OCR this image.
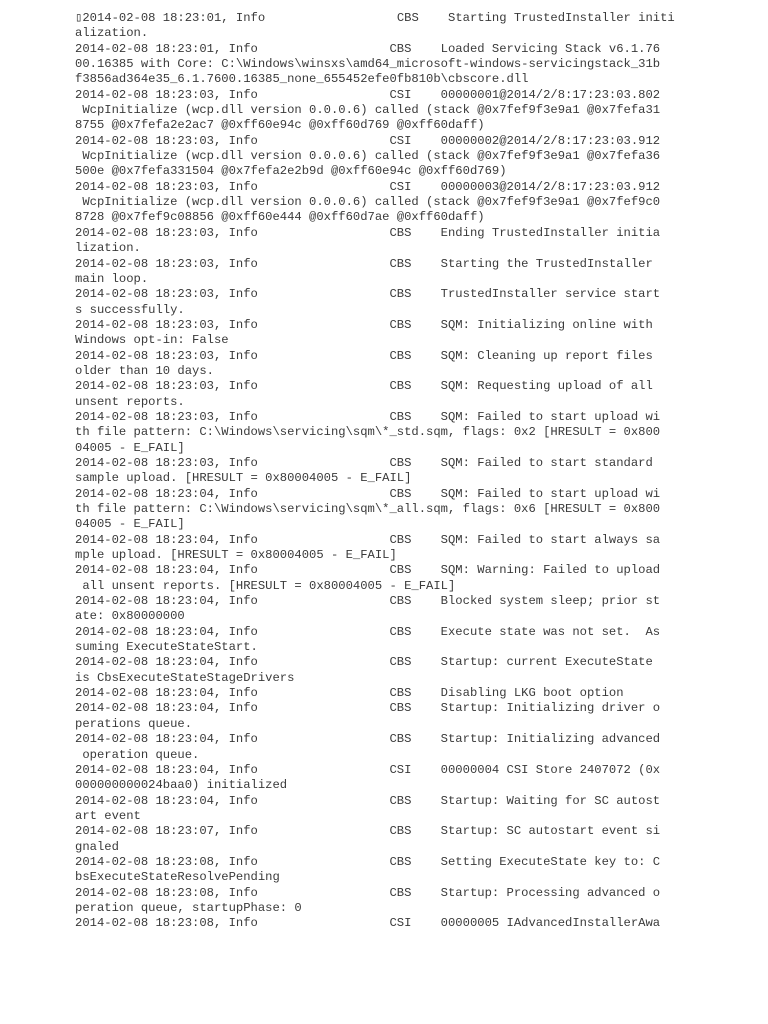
▯2014-02-08 18:23:01, Info                  CBS    Starting TrustedInstaller initi
alization.
2014-02-08 18:23:01, Info                  CBS    Loaded Servicing Stack v6.1.76
00.16385 with Core: C:\Windows\winsxs\amd64_microsoft-windows-servicingstack_31b
f3856ad364e35_6.1.7600.16385_none_655452efe0fb810b\cbscore.dll
2014-02-08 18:23:03, Info                  CSI    00000001@2014/2/8:17:23:03.802
WcpInitialize (wcp.dll version 0.0.0.6) called (stack @0x7fef9f3e9a1 @0x7fefa31
8755 @0x7fefa2e2ac7 @0xff60e94c @0xff60d769 @0xff60daff)
2014-02-08 18:23:03, Info                  CSI    00000002@2014/2/8:17:23:03.912
WcpInitialize (wcp.dll version 0.0.0.6) called (stack @0x7fef9f3e9a1 @0x7fefa36
500e @0x7fefa331504 @0x7fefa2e2b9d @0xff60e94c @0xff60d769)
2014-02-08 18:23:03, Info                  CSI    00000003@2014/2/8:17:23:03.912
WcpInitialize (wcp.dll version 0.0.0.6) called (stack @0x7fef9f3e9a1 @0x7fef9c0
8728 @0x7fef9c08856 @0xff60e444 @0xff60d7ae @0xff60daff)
2014-02-08 18:23:03, Info                  CBS    Ending TrustedInstaller initia
lization.
2014-02-08 18:23:03, Info                  CBS    Starting the TrustedInstaller
main loop.
2014-02-08 18:23:03, Info                  CBS    TrustedInstaller service start
s successfully.
2014-02-08 18:23:03, Info                  CBS    SQM: Initializing online with
Windows opt-in: False
2014-02-08 18:23:03, Info                  CBS    SQM: Cleaning up report files
older than 10 days.
2014-02-08 18:23:03, Info                  CBS    SQM: Requesting upload of all
unsent reports.
2014-02-08 18:23:03, Info                  CBS    SQM: Failed to start upload wi
th file pattern: C:\Windows\servicing\sqm\*_std.sqm, flags: 0x2 [HRESULT = 0x800
04005 - E_FAIL]
2014-02-08 18:23:03, Info                  CBS    SQM: Failed to start standard
sample upload. [HRESULT = 0x80004005 - E_FAIL]
2014-02-08 18:23:04, Info                  CBS    SQM: Failed to start upload wi
th file pattern: C:\Windows\servicing\sqm\*_all.sqm, flags: 0x6 [HRESULT = 0x800
04005 - E_FAIL]
2014-02-08 18:23:04, Info                  CBS    SQM: Failed to start always sa
mple upload. [HRESULT = 0x80004005 - E_FAIL]
2014-02-08 18:23:04, Info                  CBS    SQM: Warning: Failed to upload
all unsent reports. [HRESULT = 0x80004005 - E_FAIL]
2014-02-08 18:23:04, Info                  CBS    Blocked system sleep; prior st
ate: 0x80000000
2014-02-08 18:23:04, Info                  CBS    Execute state was not set.  As
suming ExecuteStateStart.
2014-02-08 18:23:04, Info                  CBS    Startup: current ExecuteState
is CbsExecuteStateStageDrivers
2014-02-08 18:23:04, Info                  CBS    Disabling LKG boot option
2014-02-08 18:23:04, Info                  CBS    Startup: Initializing driver o
perations queue.
2014-02-08 18:23:04, Info                  CBS    Startup: Initializing advanced
operation queue.
2014-02-08 18:23:04, Info                  CSI    00000004 CSI Store 2407072 (0x
000000000024baa0) initialized
2014-02-08 18:23:04, Info                  CBS    Startup: Waiting for SC autost
art event
2014-02-08 18:23:07, Info                  CBS    Startup: SC autostart event si
gnaled
2014-02-08 18:23:08, Info                  CBS    Setting ExecuteState key to: C
bsExecuteStateResolvePending
2014-02-08 18:23:08, Info                  CBS    Startup: Processing advanced o
peration queue, startupPhase: 0
2014-02-08 18:23:08, Info                  CSI    00000005 IAdvancedInstallerAwa
